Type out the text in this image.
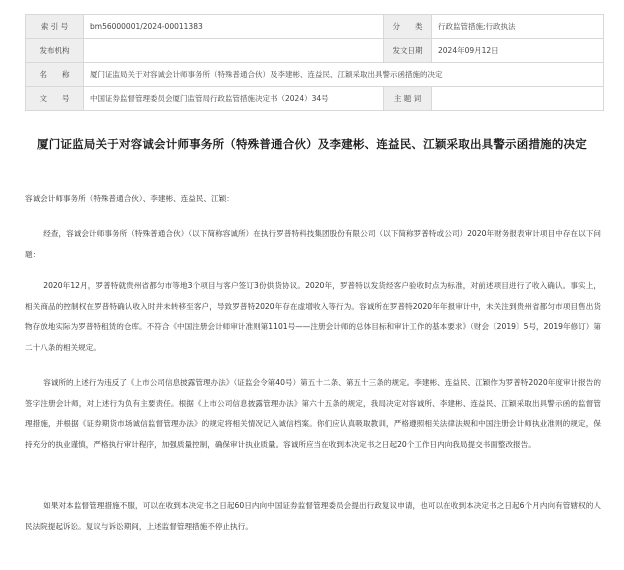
索 引 号	bm56000001/2024-00011383	分　　类	行政监管措施;行政执法
发布机构		发文日期	2024年09月12日
名　　称	厦门证监局关于对容诚会计师事务所（特殊普通合伙）及李建彬、连益民、江颖采取出具警示函措施的决定		
文　　号	中国证券监督管理委员会厦门监管局行政监管措施决定书（2024）34号	主 题 词	
厦门证监局关于对容诚会计师事务所（特殊普通合伙）及李建彬、连益民、江颖采取出具警示函措施的决定

容诚会计师事务所（特殊普通合伙）、李建彬、连益民、江颖：

经查，容诚会计师事务所（特殊普通合伙）（以下简称容诚所）在执行罗普特科技集团股份有限公司（以下简称罗普特或公司）2020年财务报表审计项目中存在以下问题：

2020年12月，罗普特就贵州省都匀市等地3个项目与客户签订3份供货协议。2020年，罗普特以发货经客户验收时点为标准，对前述项目进行了收入确认。事实上，相关商品的控制权在罗普特确认收入时并未转移至客户，导致罗普特2020年存在虚增收入等行为。容诚所在罗普特2020年年报审计中，未关注到贵州省都匀市项目售出货物存放地实际为罗普特租赁的仓库。不符合《中国注册会计师审计准则第1101号——注册会计师的总体目标和审计工作的基本要求》（财会〔2019〕5号，2019年修订）第二十八条的相关规定。

容诚所的上述行为违反了《上市公司信息披露管理办法》（证监会令第40号）第五十二条、第五十三条的规定。李建彬、连益民、江颖作为罗普特2020年度审计报告的签字注册会计师，对上述行为负有主要责任。根据《上市公司信息披露管理办法》第六十五条的规定，我局决定对容诚所、李建彬、连益民、江颖采取出具警示函的监督管理措施，并根据《证券期货市场诚信监督管理办法》的规定将相关情况记入诚信档案。你们应认真吸取教训，严格遵照相关法律法规和中国注册会计师执业准则的规定，保持充分的执业谨慎，严格执行审计程序，加强质量控制，确保审计执业质量。容诚所应当在收到本决定书之日起20个工作日内向我局提交书面整改报告。

如果对本监督管理措施不服，可以在收到本决定书之日起60日内向中国证券监督管理委员会提出行政复议申请，也可以在收到本决定书之日起6个月内向有管辖权的人民法院提起诉讼。复议与诉讼期间，上述监督管理措施不停止执行。
